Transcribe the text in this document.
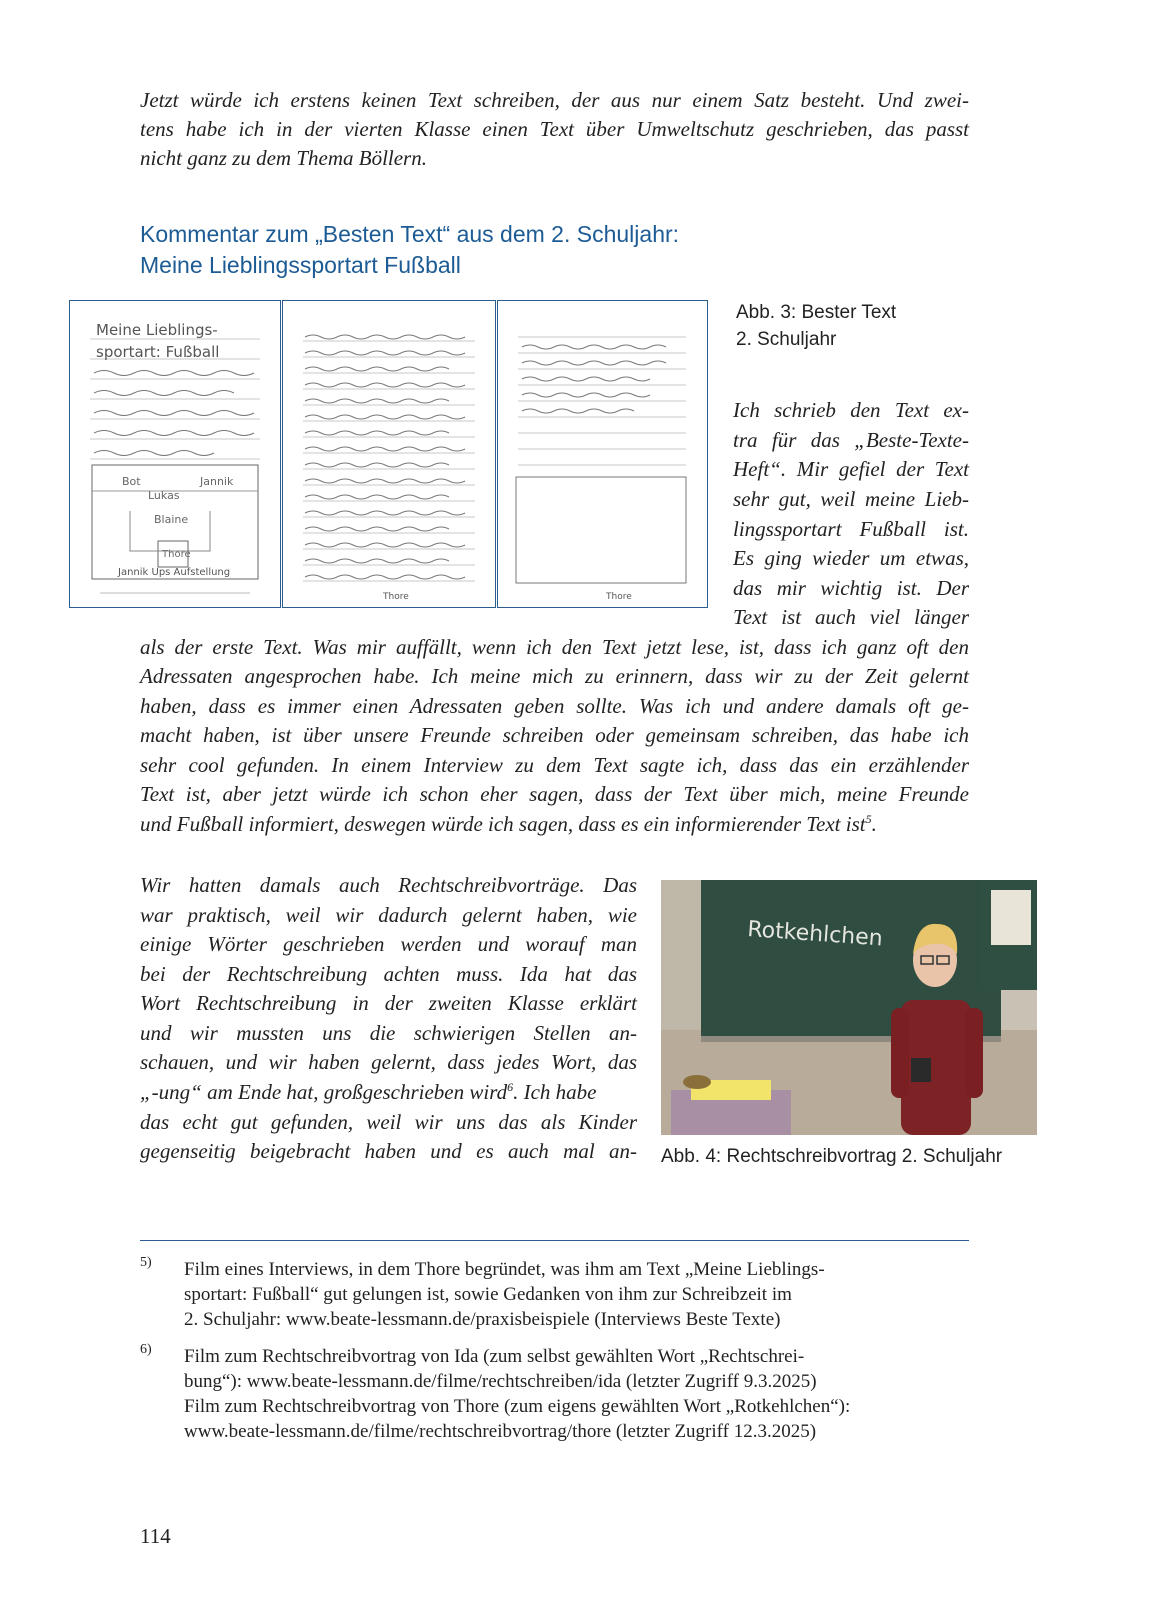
Jetzt würde ich erstens keinen Text schreiben, der aus nur einem Satz besteht. Und zwei-
tens habe ich in der vierten Klasse einen Text über Umweltschutz geschrieben, das passt
nicht ganz zu dem Thema Böllern.
Kommentar zum „Besten Text“ aus dem 2. Schuljahr:
Meine Lieblingssportart Fußball
Meine Lieblings-
sportart: Fußball
Bot	Jannik
Lukas
Blaine
Thore
Jannik Ups Aufstellung
Thore	Thore
Abb. 3: Bester Text
2. Schuljahr
Ich schrieb den Text ex-
tra für das „Beste-Texte-
Heft“. Mir gefiel der Text
sehr gut, weil meine Lieb-
lingssportart Fußball ist.
Es ging wieder um etwas,
das mir wichtig ist. Der
Text ist auch viel länger
als der erste Text. Was mir auffällt, wenn ich den Text jetzt lese, ist, dass ich ganz oft den
Adressaten angesprochen habe. Ich meine mich zu erinnern, dass wir zu der Zeit gelernt
haben, dass es immer einen Adressaten geben sollte. Was ich und andere damals oft ge-
macht haben, ist über unsere Freunde schreiben oder gemeinsam schreiben, das habe ich
sehr cool gefunden. In einem Interview zu dem Text sagte ich, dass das ein erzählender
Text ist, aber jetzt würde ich schon eher sagen, dass der Text über mich, meine Freunde
und Fußball informiert, deswegen würde ich sagen, dass es ein informierender Text ist$^5$.
Wir hatten damals auch Rechtschreibvorträge. Das
war praktisch, weil wir dadurch gelernt haben, wie
einige Wörter geschrieben werden und worauf man
bei der Rechtschreibung achten muss. Ida hat das
Wort Rechtschreibung in der zweiten Klasse erklärt
und wir mussten uns die schwierigen Stellen an-
schauen, und wir haben gelernt, dass jedes Wort, das
„-ung“ am Ende hat, großgeschrieben wird$^6$. Ich habe
das echt gut gefunden, weil wir uns das als Kinder
gegenseitig beigebracht haben und es auch mal an-
Rotkehlchen
Abb. 4: Rechtschreibvortrag 2. Schuljahr
5) Film eines Interviews, in dem Thore begründet, was ihm am Text „Meine Lieblings-
sportart: Fußball“ gut gelungen ist, sowie Gedanken von ihm zur Schreibzeit im
2. Schuljahr: www.beate-lessmann.de/praxisbeispiele (Interviews Beste Texte)
6) Film zum Rechtschreibvortrag von Ida (zum selbst gewählten Wort „Rechtschrei-
bung“): www.beate-lessmann.de/filme/rechtschreiben/ida (letzter Zugriff 9.3.2025)
Film zum Rechtschreibvortrag von Thore (zum eigens gewählten Wort „Rotkehlchen“):
www.beate-lessmann.de/filme/rechtschreibvortrag/thore (letzter Zugriff 12.3.2025)
114
